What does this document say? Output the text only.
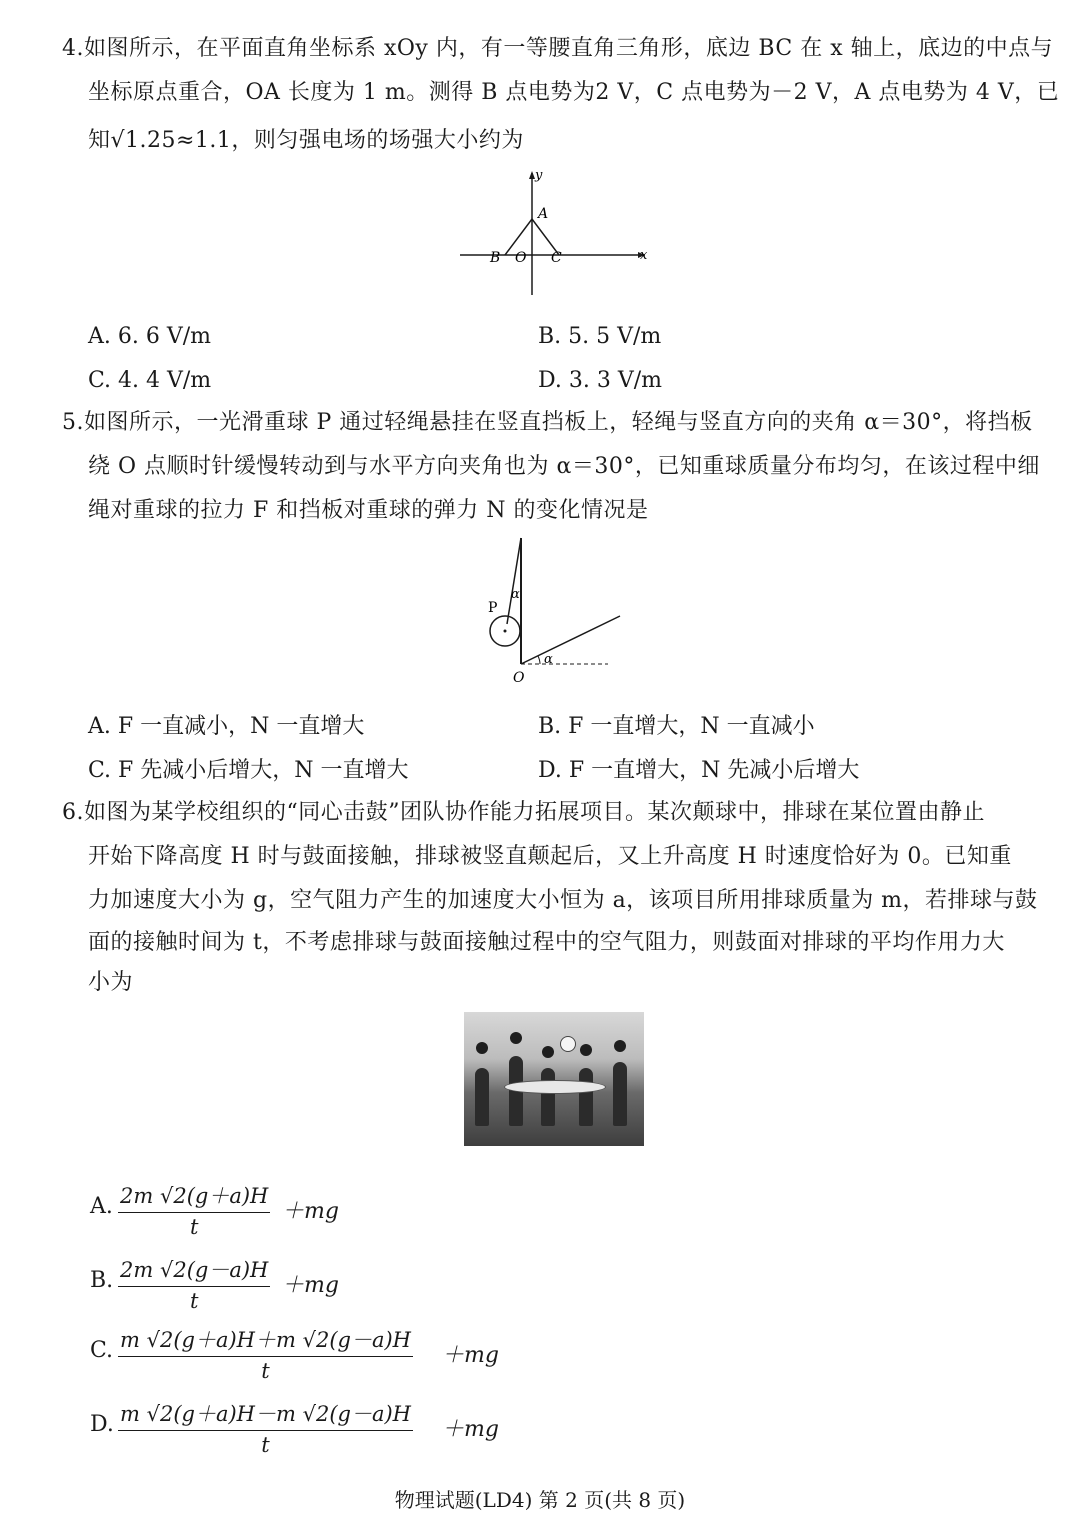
4.如图所示，在平面直角坐标系 xOy 内，有一等腰直角三角形，底边 BC 在 x 轴上，底边的中点与
坐标原点重合，OA 长度为 1 m。测得 B 点电势为2 V，C 点电势为－2 V，A 点电势为 4 V，已
知√1.25≈1.1，则匀强电场的场强大小约为
y
x
A
B O C
A. 6. 6 V/m	B. 5. 5 V/m
C. 4. 4 V/m	D. 3. 3 V/m
5.如图所示，一光滑重球 P 通过轻绳悬挂在竖直挡板上，轻绳与竖直方向的夹角 α＝30°，将挡板
绕 O 点顺时针缓慢转动到与水平方向夹角也为 α＝30°，已知重球质量分布均匀，在该过程中细
绳对重球的拉力 F 和挡板对重球的弹力 N 的变化情况是
P
α
α
O
A. F 一直减小，N 一直增大	B. F 一直增大，N 一直减小
C. F 先减小后增大，N 一直增大	D. F 一直增大，N 先减小后增大
6.如图为某学校组织的“同心击鼓”团队协作能力拓展项目。某次颠球中，排球在某位置由静止
开始下降高度 H 时与鼓面接触，排球被竖直颠起后，又上升高度 H 时速度恰好为 0。已知重
力加速度大小为 g，空气阻力产生的加速度大小恒为 a，该项目所用排球质量为 m，若排球与鼓
面的接触时间为 t，不考虑排球与鼓面接触过程中的空气阻力，则鼓面对排球的平均作用力大
小为
A. $\frac{2m √2(g+a)H}{t} +mg$
B. $\frac{2m √2(g-a)H}{t} +mg$
C. $\frac{m √2(g+a)H+m √2(g-a)H}{t} +mg$
D. $\frac{m √2(g+a)H-m √2(g-a)H}{t} +mg$
物理试题(LD4) 第 2 页(共 8 页)
